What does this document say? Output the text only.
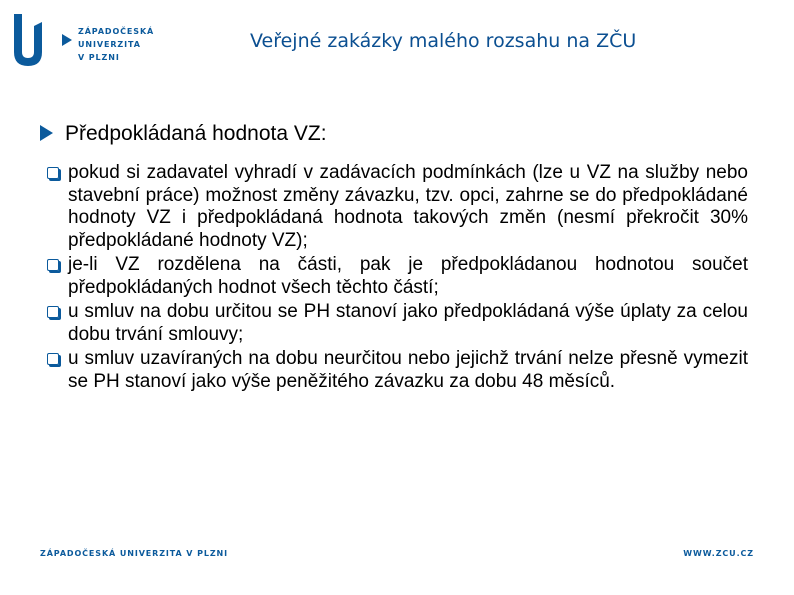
ZÁPADOČESKÁ
UNIVERZITA
V PLZNI
Veřejné zakázky malého rozsahu na ZČU
Předpokládaná hodnota VZ:
pokud si zadavatel vyhradí v zadávacích podmínkách (lze u VZ na služby nebo stavební práce) možnost změny závazku, tzv. opci, zahrne se do předpokládané hodnoty VZ i předpokládaná hodnota takových změn (nesmí překročit 30% předpokládané hodnoty VZ);
je-li VZ rozdělena na části, pak je předpokládanou hodnotou součet předpokládaných hodnot všech těchto částí;
u smluv na dobu určitou se PH stanoví jako předpokládaná výše úplaty za celou dobu trvání smlouvy;
u smluv uzavíraných na dobu neurčitou nebo jejichž trvání nelze přesně vymezit se PH stanoví jako výše peněžitého závazku za dobu 48 měsíců.
ZÁPADOČESKÁ UNIVERZITA V PLZNI	WWW.ZCU.CZ
